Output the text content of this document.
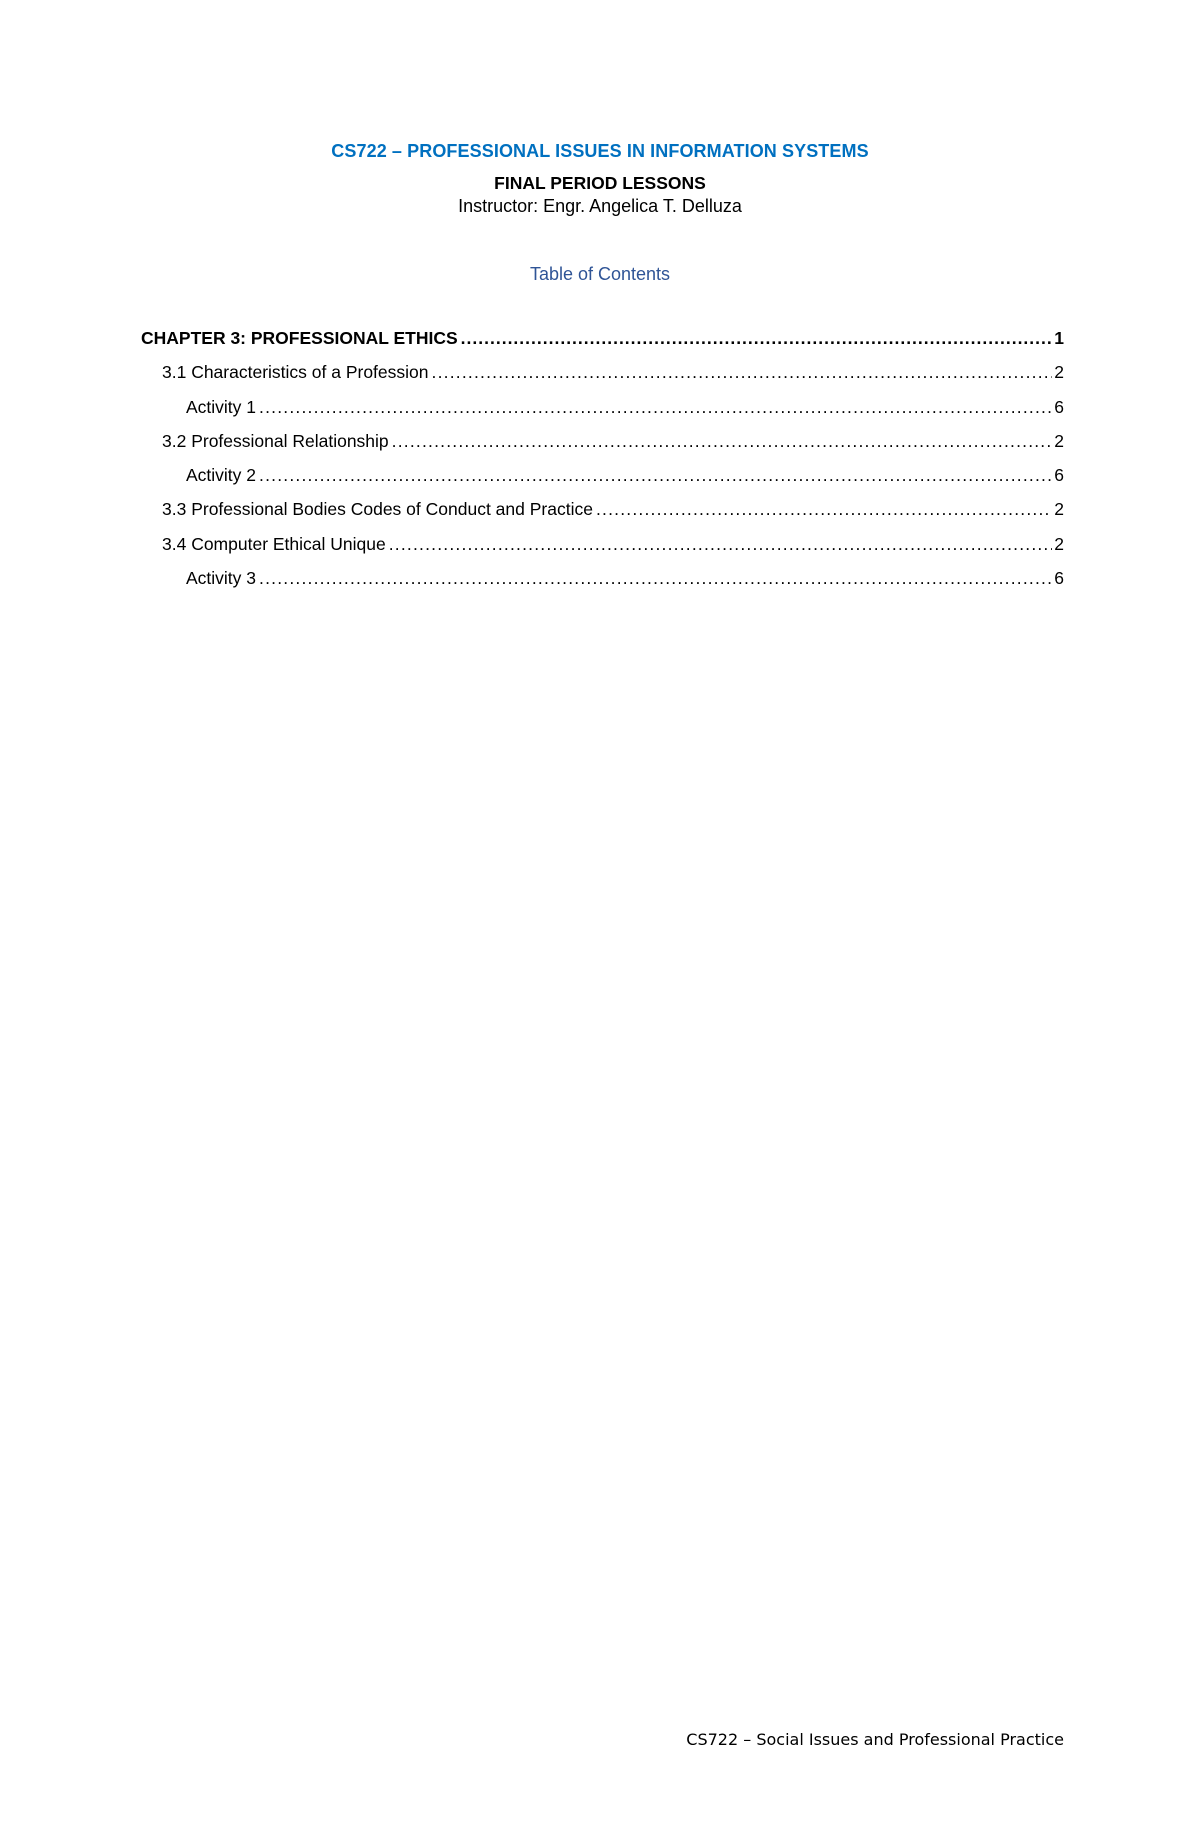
CS722 – PROFESSIONAL ISSUES IN INFORMATION SYSTEMS
FINAL PERIOD LESSONS
Instructor: Engr. Angelica T. Delluza
Table of Contents
CHAPTER 3: PROFESSIONAL ETHICS .....	1
3.1 Characteristics of a Profession .....	2
Activity 1 .....	6
3.2 Professional Relationship .....	2
Activity 2 .....	6
3.3 Professional Bodies Codes of Conduct and Practice .....	2
3.4 Computer Ethical Unique .....	2
Activity 3 .....	6
CS722 – Social Issues and Professional Practice
